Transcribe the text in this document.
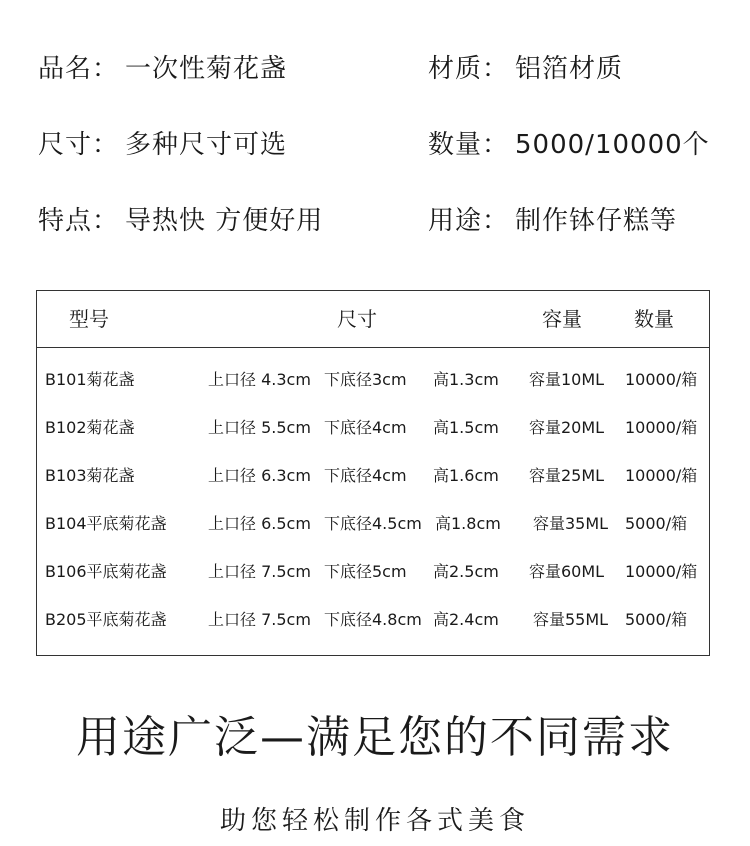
品名： 一次性菊花盏	材质： 铝箔材质
尺寸： 多种尺寸可选	数量： 5000/10000个
特点： 导热快 方便好用	用途： 制作钵仔糕等
型号	尺寸	容量	数量
B101菊花盏	上口径 4.3cm 下底径3cm 高1.3cm 容量10ML 10000/箱
B102菊花盏	上口径 5.5cm 下底径4cm 高1.5cm 容量20ML 10000/箱
B103菊花盏	上口径 6.3cm 下底径4cm 高1.6cm 容量25ML 10000/箱
B104平底菊花盏	上口径 6.5cm 下底径4.5cm 高1.8cm 容量35ML 5000/箱
B106平底菊花盏	上口径 7.5cm 下底径5cm 高2.5cm 容量60ML 10000/箱
B205平底菊花盏	上口径 7.5cm 下底径4.8cm 高2.4cm 容量55ML 5000/箱
用途广泛—满足您的不同需求
助您轻松制作各式美食
